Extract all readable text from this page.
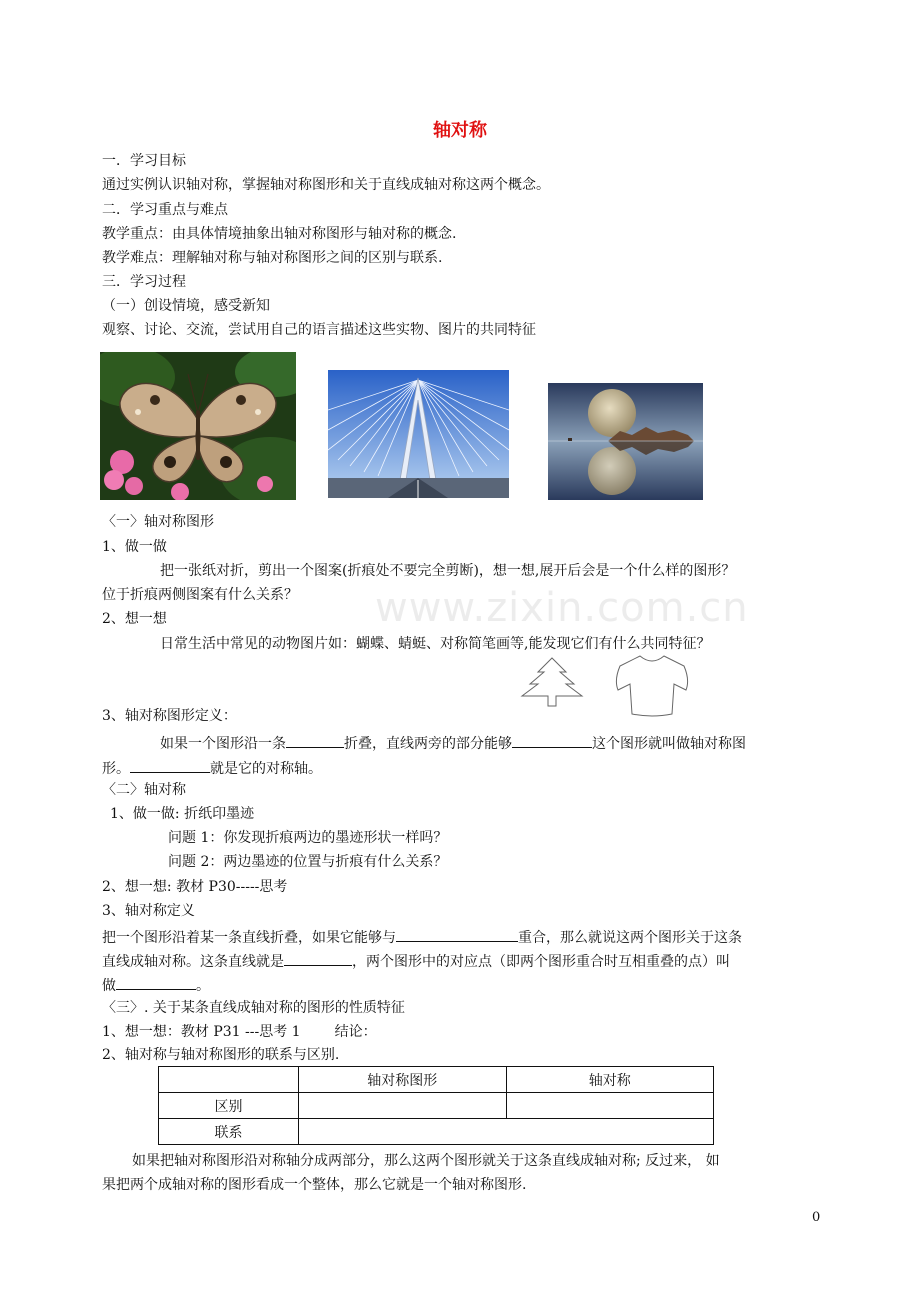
www.zixin.com.cn
轴对称
一．学习目标
通过实例认识轴对称，掌握轴对称图形和关于直线成轴对称这两个概念。
二．学习重点与难点
教学重点：由具体情境抽象出轴对称图形与轴对称的概念.
教学难点：理解轴对称与轴对称图形之间的区别与联系.
三．学习过程
（一）创设情境，感受新知
观察、讨论、交流，尝试用自己的语言描述这些实物、图片的共同特征
〈一〉轴对称图形
1、做一做
把一张纸对折，剪出一个图案(折痕处不要完全剪断)，想一想,展开后会是一个什么样的图形？
位于折痕两侧图案有什么关系？
2、想一想
日常生活中常见的动物图片如：蝴蝶、蜻蜓、对称简笔画等,能发现它们有什么共同特征？
3、轴对称图形定义：
如果一个图形沿一条	折叠，直线两旁的部分能够	这个图形就叫做轴对称图
形。	就是它的对称轴。
〈二〉轴对称
1、做一做: 折纸印墨迹
问题 1：你发现折痕两边的墨迹形状一样吗？
问题 2：两边墨迹的位置与折痕有什么关系？
2、想一想: 教材 P30-----思考
3、轴对称定义
把一个图形沿着某一条直线折叠，如果它能够与	重合，那么就说这两个图形关于这条
直线成轴对称。这条直线就是	，两个图形中的对应点（即两个图形重合时互相重叠的点）叫
做	。
〈三〉. 关于某条直线成轴对称的图形的性质特征
1、想一想：教材 P31 ---思考 1 结论：
2、轴对称与轴对称图形的联系与区别.
	轴对称图形	轴对称
区别		
联系		
如果把轴对称图形沿对称轴分成两部分，那么这两个图形就关于这条直线成轴对称; 反过来， 如
果把两个成轴对称的图形看成一个整体，那么它就是一个轴对称图形.
0
